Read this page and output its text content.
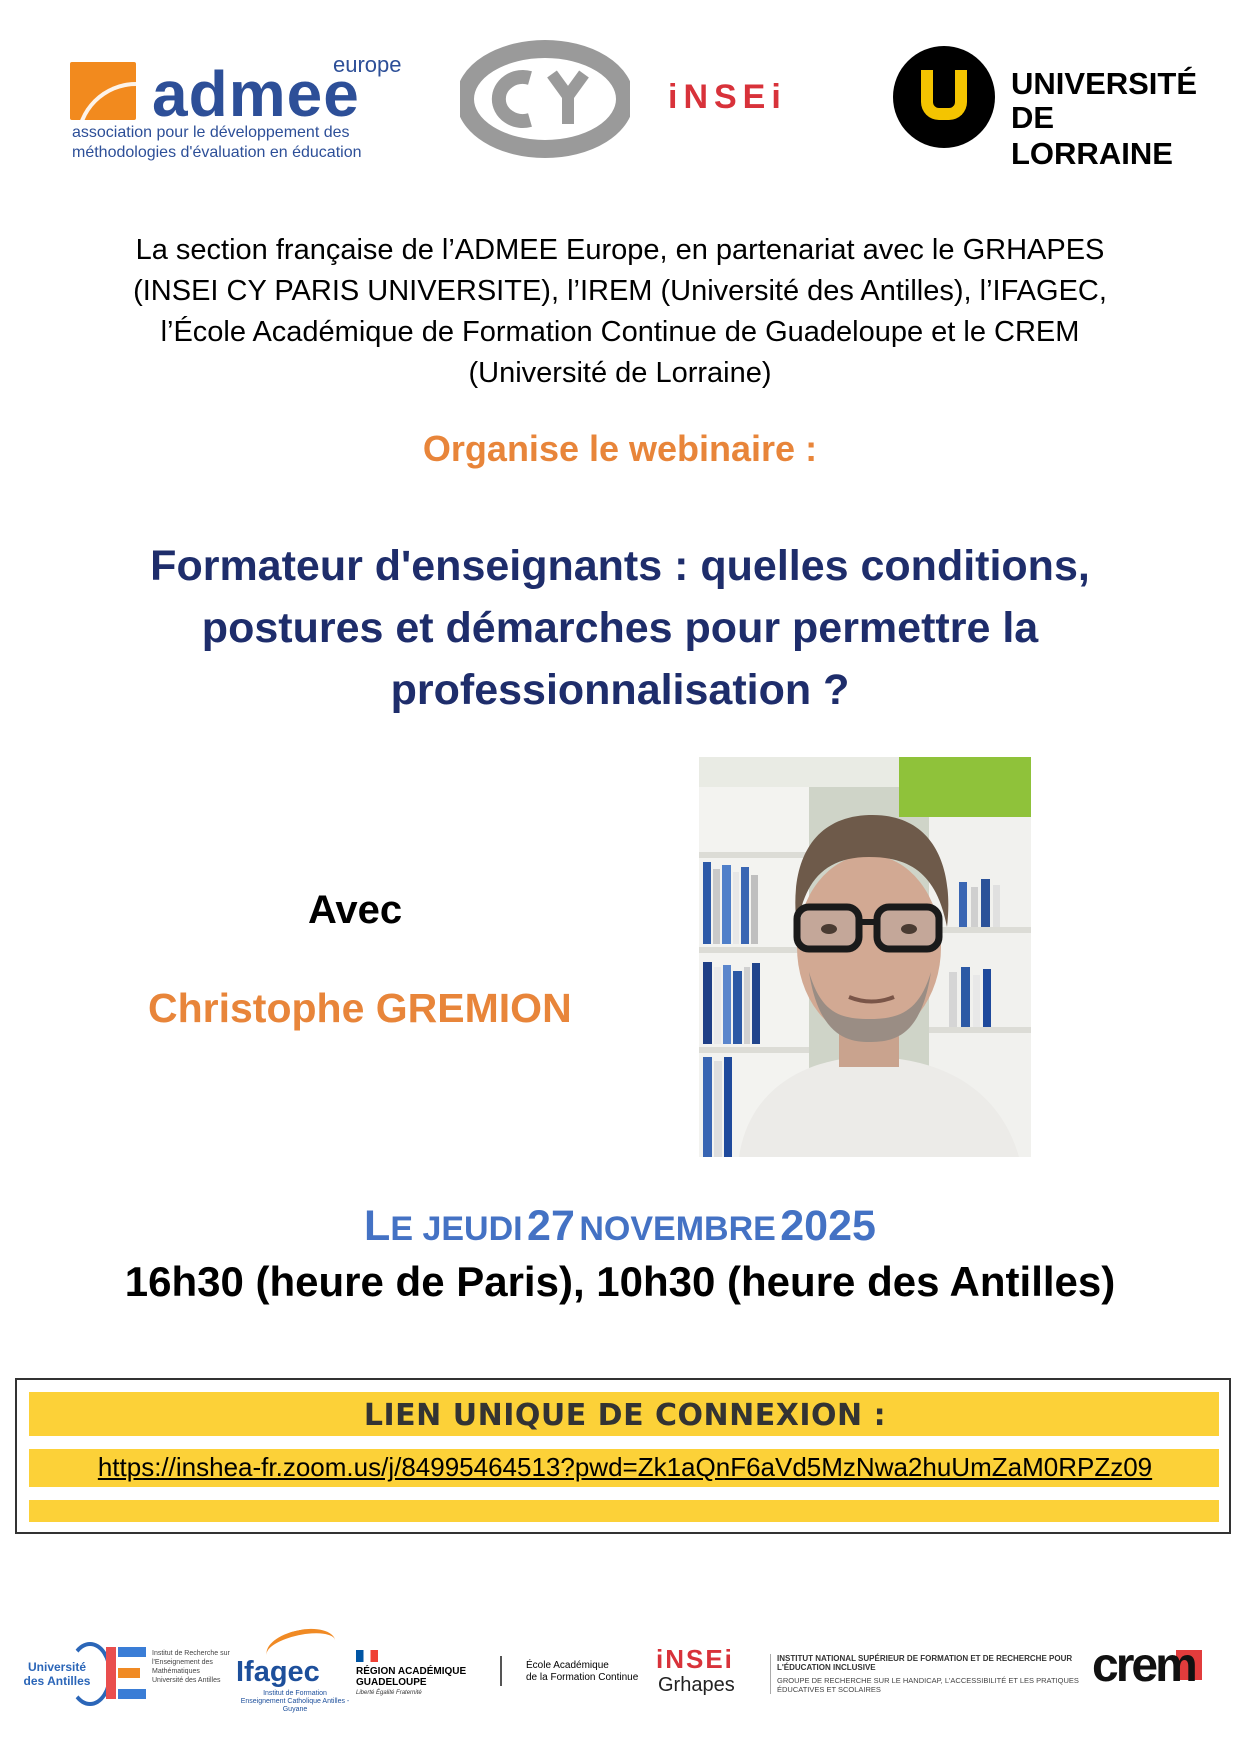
europe
admee
association pour le développement des
méthodologies d'évaluation en éducation
iNSEi	UNIVERSITÉ
DE LORRAINE
La section française de l’ADMEE Europe, en partenariat avec le GRHAPES
(INSEI CY PARIS UNIVERSITE), l’IREM (Université des Antilles), l’IFAGEC,
l’École Académique de Formation Continue de Guadeloupe et le CREM
(Université de Lorraine)
Organise le webinaire :
Formateur d'enseignants : quelles conditions,
postures et démarches pour permettre la
professionnalisation ?
Avec
Christophe GREMION
LE JEUDI 27 NOVEMBRE 2025
16h30 (heure de Paris), 10h30 (heure des Antilles)
LIEN UNIQUE DE CONNEXION :
https://inshea-fr.zoom.us/j/84995464513?pwd=Zk1aQnF6aVd5MzNwa2huUmZaM0RPZz09
Université
des Antilles
Institut de Recherche sur l'Enseignement des Mathématiques Université des Antilles Ifagec
Institut de Formation Enseignement Catholique Antilles - Guyane
RÉGION ACADÉMIQUE
GUADELOUPE
Liberté Égalité Fraternité
École Académique
de la Formation Continue
iNSEi
Grhapes
INSTITUT NATIONAL SUPÉRIEUR DE FORMATION ET DE RECHERCHE POUR L'ÉDUCATION INCLUSIVE
GROUPE DE RECHERCHE SUR LE HANDICAP, L'ACCESSIBILITÉ ET LES PRATIQUES ÉDUCATIVES ET SCOLAIRES	crem
